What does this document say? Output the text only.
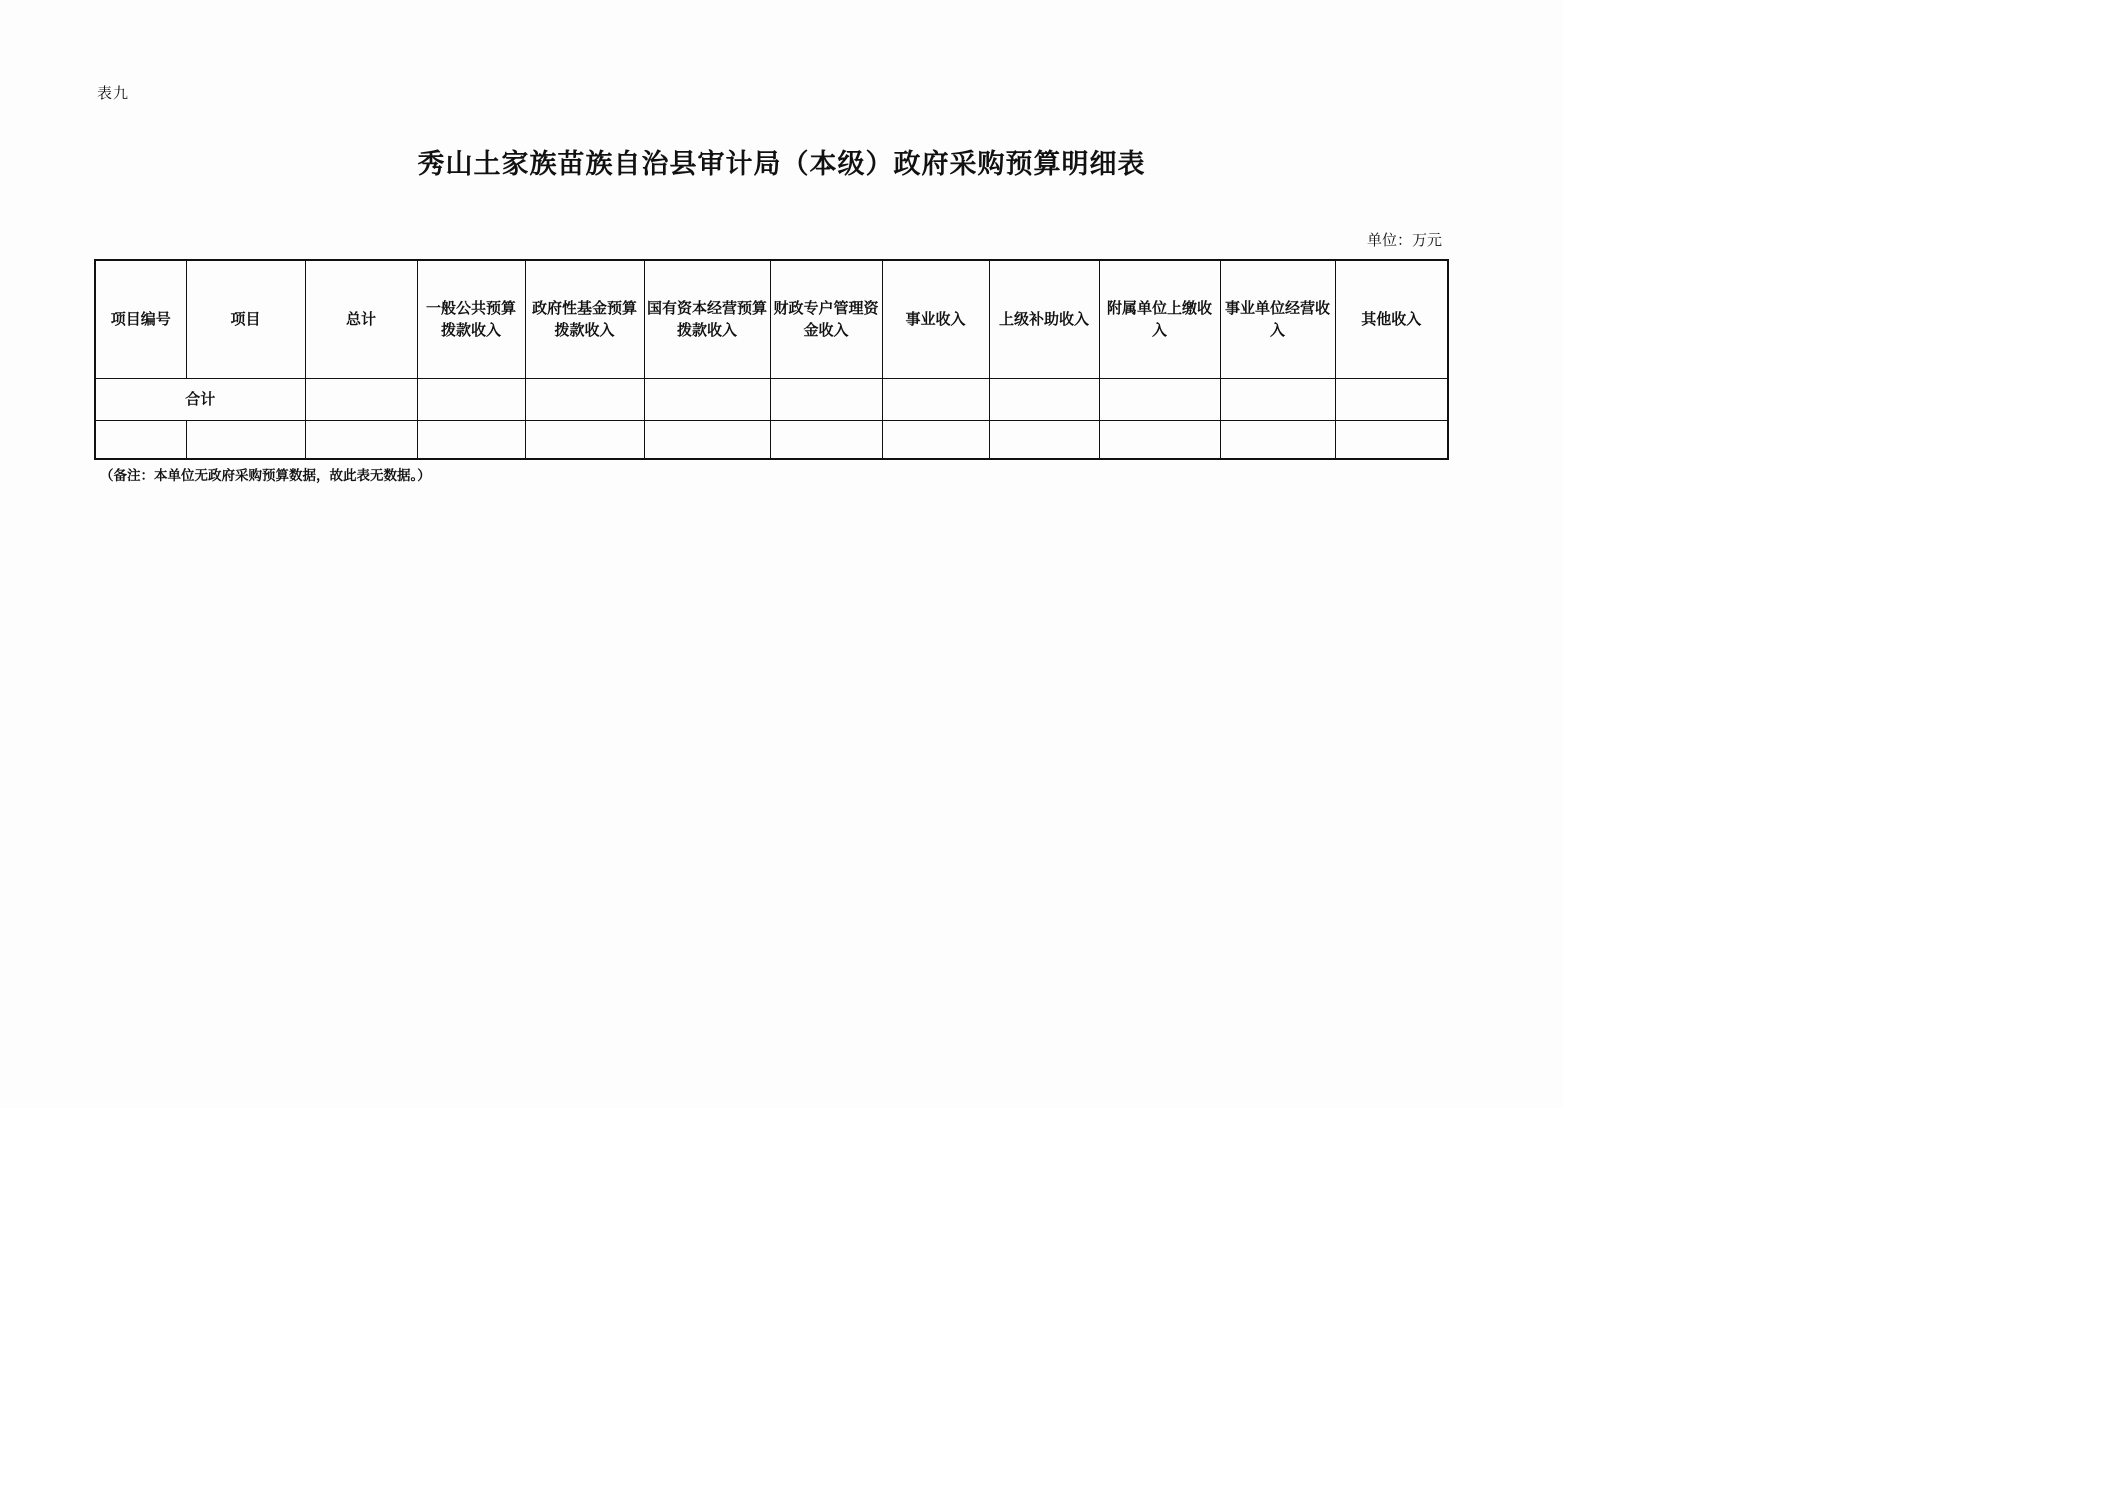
表九
秀山土家族苗族自治县审计局（本级）政府采购预算明细表
单位：万元
项目编号	项目	总计	一般公共预算拨款收入	政府性基金预算拨款收入	国有资本经营预算拨款收入	财政专户管理资金收入	事业收入	上级补助收入	附属单位上缴收入	事业单位经营收入	其他收入
合计											

（备注：本单位无政府采购预算数据，故此表无数据。）
